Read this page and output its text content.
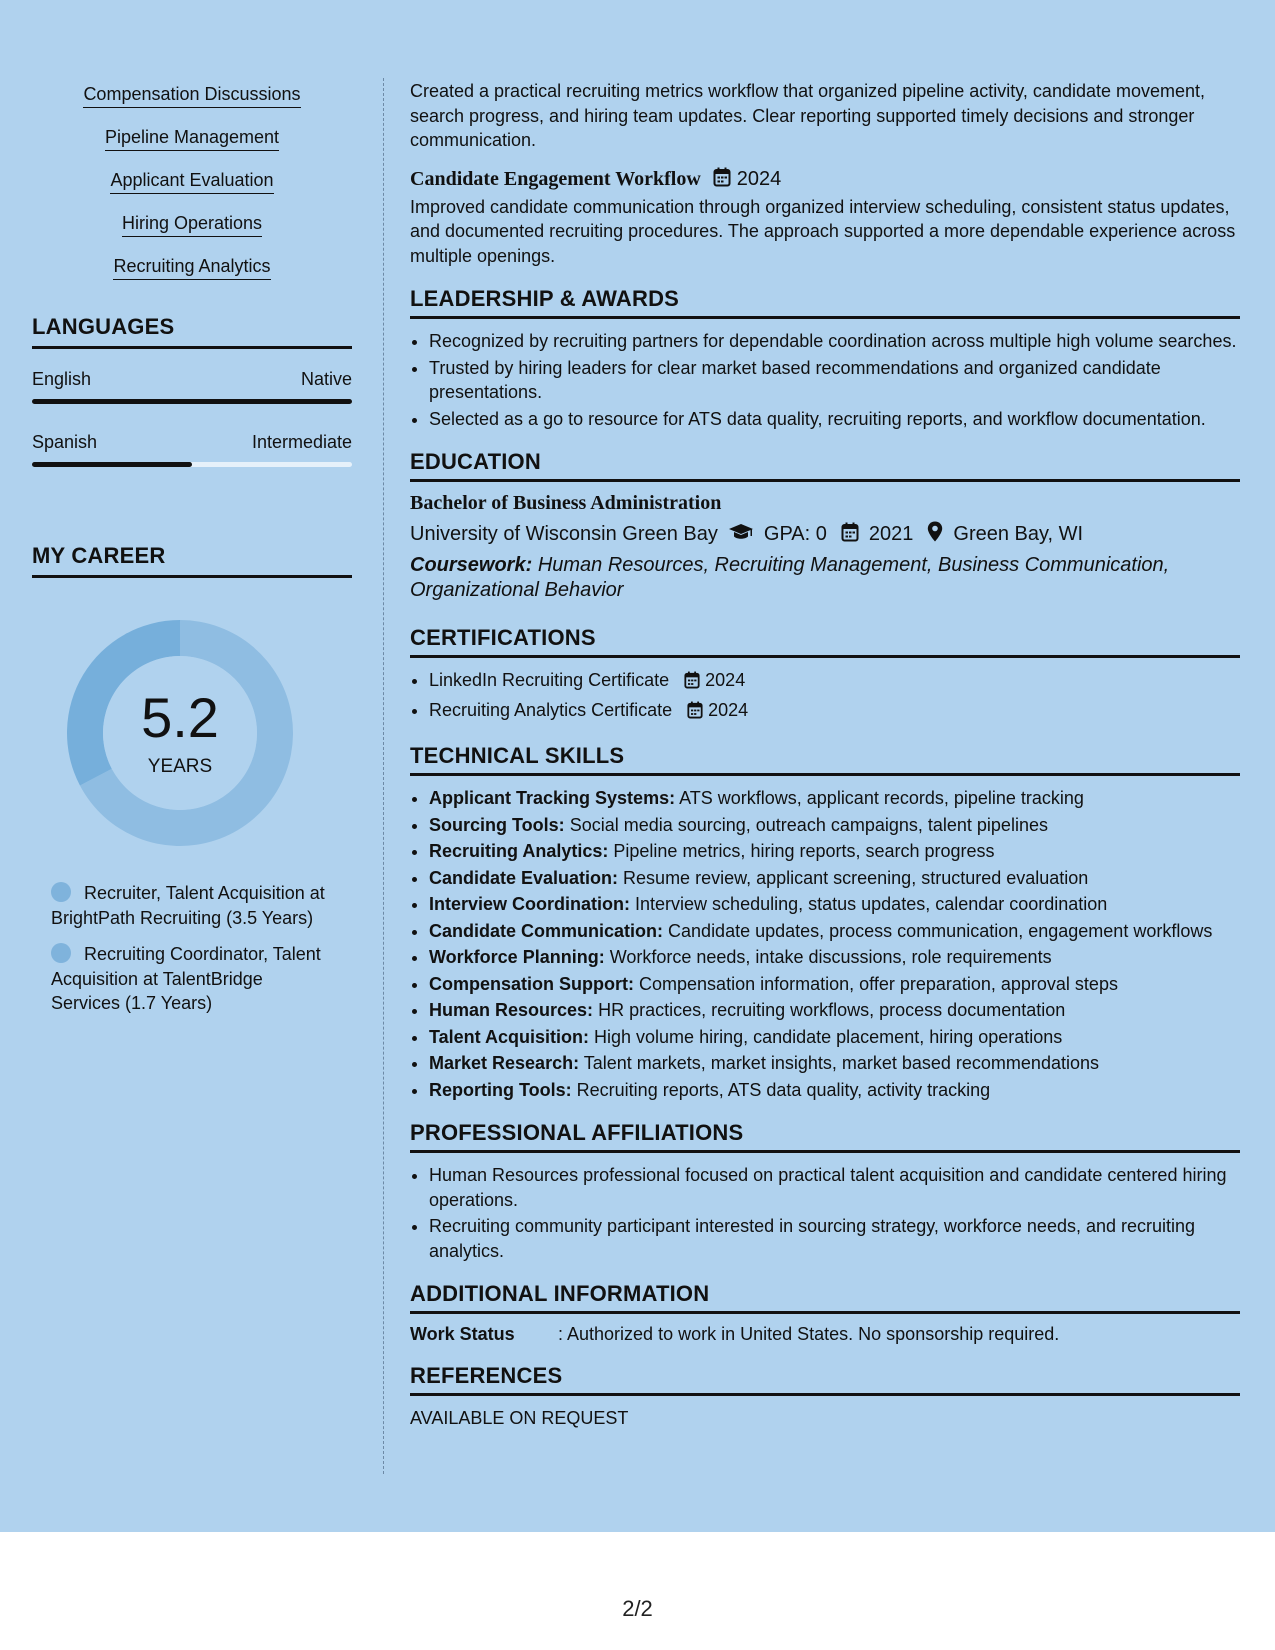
Compensation Discussions
Pipeline Management
Applicant Evaluation
Hiring Operations
Recruiting Analytics
LANGUAGES
English	Native
Spanish	Intermediate
MY CAREER
5.2
YEARS
Recruiter, Talent Acquisition at BrightPath Recruiting (3.5 Years)
Recruiting Coordinator, Talent Acquisition at TalentBridge Services (1.7 Years)

Created a practical recruiting metrics workflow that organized pipeline activity, candidate movement, search progress, and hiring team updates. Clear reporting supported timely decisions and stronger communication.

Candidate Engagement Workflow 2024

Improved candidate communication through organized interview scheduling, consistent status updates, and documented recruiting procedures. The approach supported a more dependable experience across multiple openings.

LEADERSHIP & AWARDS
• Recognized by recruiting partners for dependable coordination across multiple high volume searches.
• Trusted by hiring leaders for clear market based recommendations and organized candidate presentations.
• Selected as a go to resource for ATS data quality, recruiting reports, and workflow documentation.
EDUCATION
Bachelor of Business Administration
University of Wisconsin Green Bay GPA: 0 2021 Green Bay, WI
Coursework: Human Resources, Recruiting Management, Business Communication, Organizational Behavior
CERTIFICATIONS
• LinkedIn Recruiting Certificate 2024
• Recruiting Analytics Certificate 2024
TECHNICAL SKILLS
• Applicant Tracking Systems: ATS workflows, applicant records, pipeline tracking
• Sourcing Tools: Social media sourcing, outreach campaigns, talent pipelines
• Recruiting Analytics: Pipeline metrics, hiring reports, search progress
• Candidate Evaluation: Resume review, applicant screening, structured evaluation
• Interview Coordination: Interview scheduling, status updates, calendar coordination
• Candidate Communication: Candidate updates, process communication, engagement workflows
• Workforce Planning: Workforce needs, intake discussions, role requirements
• Compensation Support: Compensation information, offer preparation, approval steps
• Human Resources: HR practices, recruiting workflows, process documentation
• Talent Acquisition: High volume hiring, candidate placement, hiring operations
• Market Research: Talent markets, market insights, market based recommendations
• Reporting Tools: Recruiting reports, ATS data quality, activity tracking
PROFESSIONAL AFFILIATIONS
• Human Resources professional focused on practical talent acquisition and candidate centered hiring operations.
• Recruiting community participant interested in sourcing strategy, workforce needs, and recruiting analytics.
ADDITIONAL INFORMATION
Work Status	: Authorized to work in United States. No sponsorship required.
REFERENCES

AVAILABLE ON REQUEST

2/2
